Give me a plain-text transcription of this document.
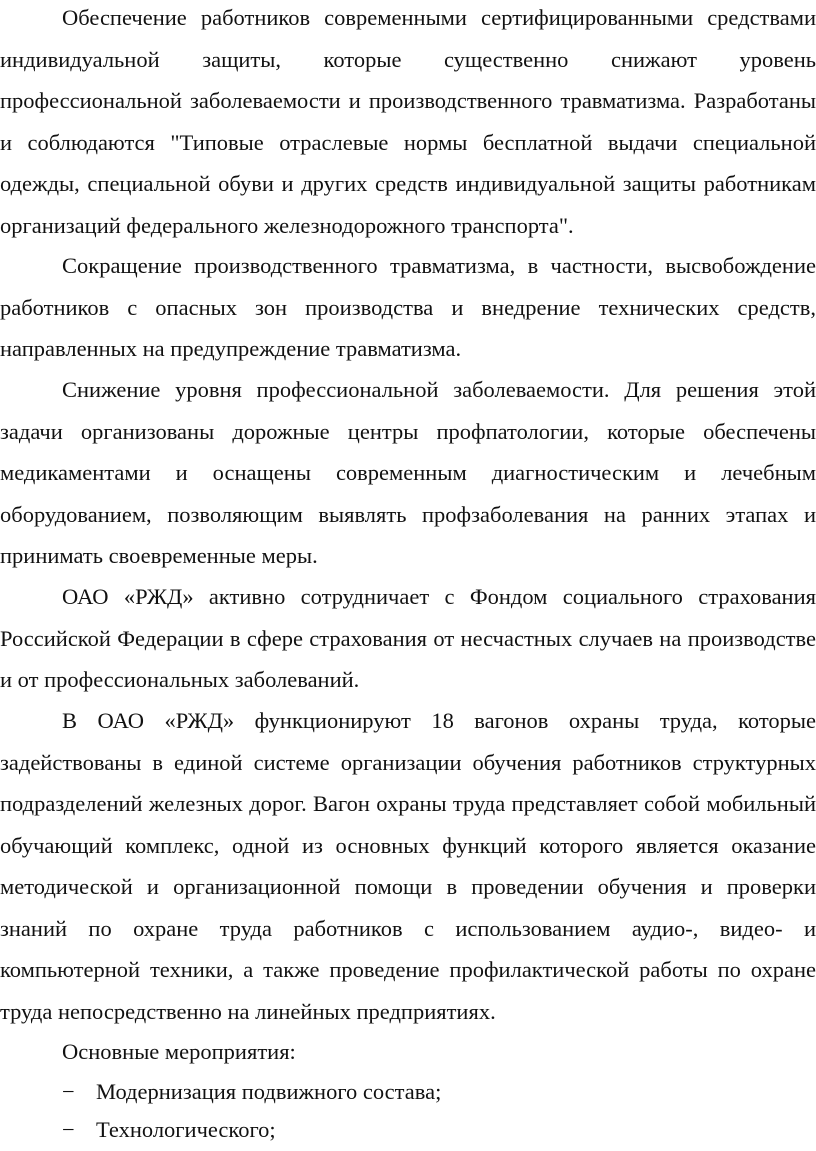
Обеспечение работников современными сертифицированными средствами индивидуальной защиты, которые существенно снижают уровень профессиональной заболеваемости и производственного травматизма. Разработаны и соблюдаются "Типовые отраслевые нормы бесплатной выдачи специальной одежды, специальной обуви и других средств индивидуальной защиты работникам организаций федерального железнодорожного транспорта".

Сокращение производственного травматизма, в частности, высвобождение работников с опасных зон производства и внедрение технических средств, направленных на предупреждение травматизма.

Снижение уровня профессиональной заболеваемости. Для решения этой задачи организованы дорожные центры профпатологии, которые обеспечены медикаментами и оснащены современным диагностическим и лечебным оборудованием, позволяющим выявлять профзаболевания на ранних этапах и принимать своевременные меры.

ОАО «РЖД» активно сотрудничает с Фондом социального страхования Российской Федерации в сфере страхования от несчастных случаев на производстве и от профессиональных заболеваний.

В ОАО «РЖД» функционируют 18 вагонов охраны труда, которые задействованы в единой системе организации обучения работников структурных подразделений железных дорог. Вагон охраны труда представляет собой мобильный обучающий комплекс, одной из основных функций которого является оказание методической и организационной помощи в проведении обучения и проверки знаний по охране труда работников с использованием аудио-, видео- и компьютерной техники, а также проведение профилактической работы по охране труда непосредственно на линейных предприятиях.

Основные мероприятия:

− Модернизация подвижного состава;
− Технологического;
